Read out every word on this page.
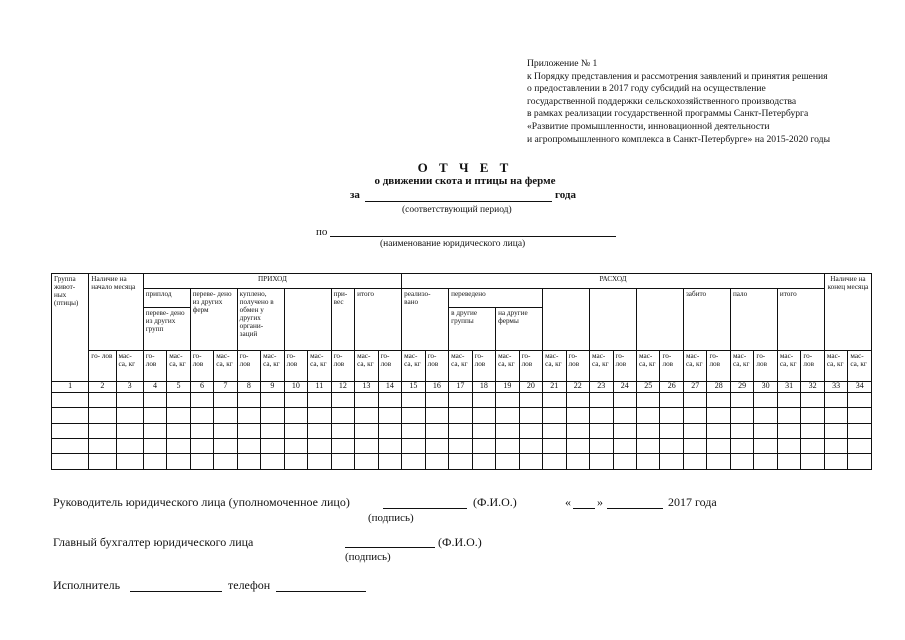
Приложение № 1
к Порядку представления и рассмотрения заявлений и принятия решения
о предоставлении в 2017 году субсидий на осуществление
государственной поддержки сельскохозяйственного производства
в рамках реализации государственной программы Санкт-Петербурга
«Развитие промышленности, инновационной деятельности
и агропромышленного комплекса в Санкт-Петербурге» на 2015-2020 годы
О Т Ч Е Т
о движении скота и птицы на ферме
за	года
(соответствующий период)
по
(наименование юридического лица)
Группа живот- ных (птицы)	Наличие на начало месяца		ПРИХОД											РАСХОД																		Наличие на конец месяца	
			приплод		переве- дено из других ферм		куплено, получено в обмен у других органи- заций				при- вес	итого		реализо- вано		переведено										забито		пало		итого			
			переве- дено из других групп													в другие группы		на другие фермы															
	го- лов	мас- са, кг	го- лов	мас- са, кг	го- лов	мас- са, кг	го- лов	мас- са, кг	го- лов	мас- са, кг	го- лов	мас- са, кг	го- лов	мас- са, кг	го- лов	мас- са, кг	го- лов	мас- са, кг	го- лов	мас- са, кг	го- лов	мас- са, кг	го- лов	мас- са, кг	го- лов	мас- са, кг	го- лов	мас- са, кг	го- лов	мас- са, кг	го- лов	мас- са, кг	мас- са, кг
1	2	3	4	5	6	7	8	9	10	11	12	13	14	15	16	17	18	19	20	21	22	23	24	25	26	27	28	29	30	31	32	33	34

Руководитель юридического лица (уполномоченное лицо)	(Ф.И.О.)
(подпись)
« »	2017 года
Главный бухгалтер юридического лица	(Ф.И.О.)
(подпись)
Исполнитель	телефон
